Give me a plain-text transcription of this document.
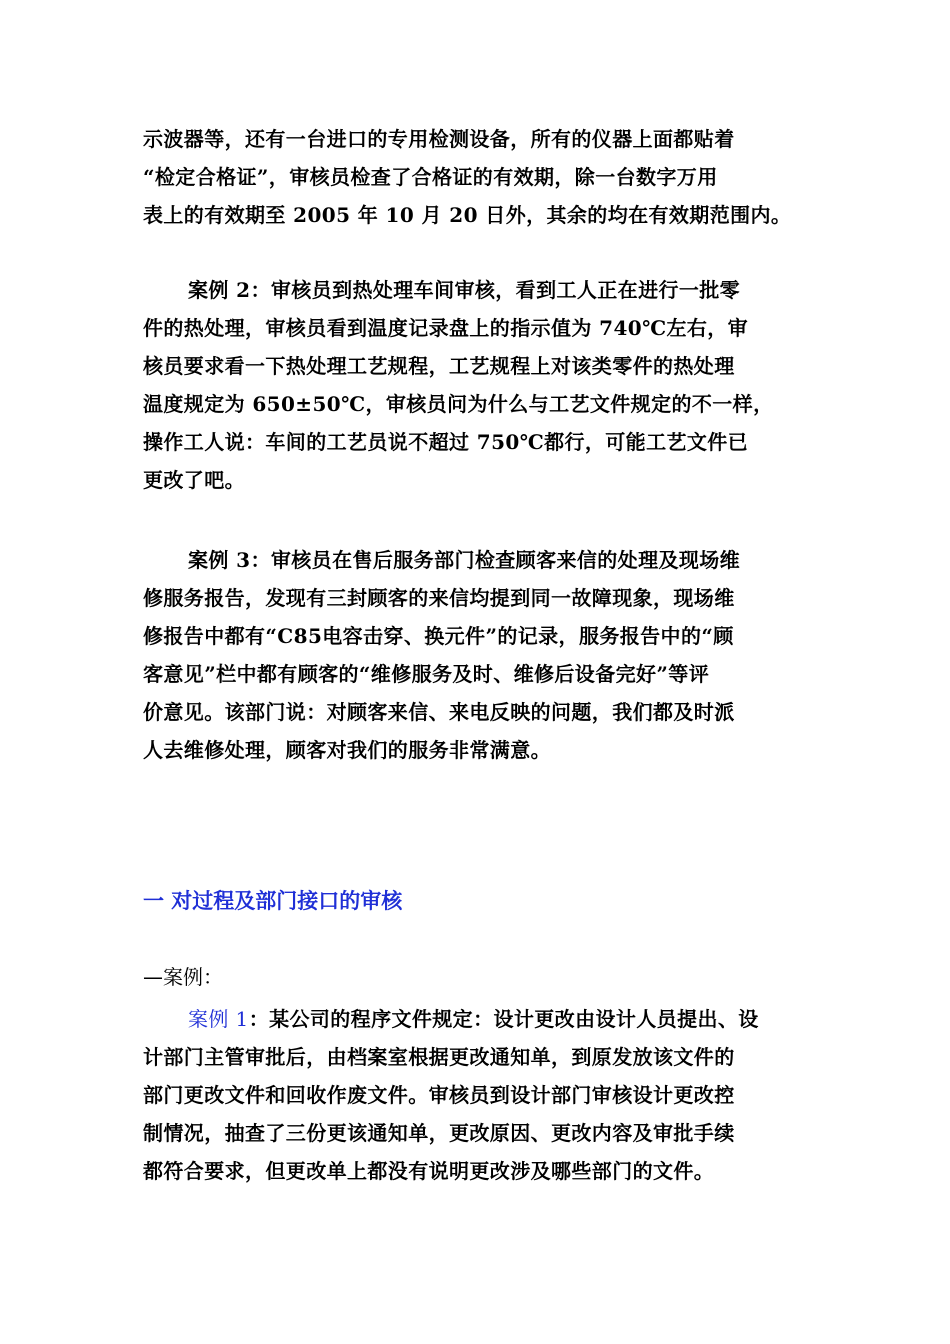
示波器等，还有一台进口的专用检测设备，所有的仪器上面都贴着
“检定合格证”，审核员检查了合格证的有效期，除一台数字万用
表上的有效期至 2005 年 10 月 20 日外，其余的均在有效期范围内。
案例 2：审核员到热处理车间审核，看到工人正在进行一批零
件的热处理，审核员看到温度记录盘上的指示值为 740℃左右，审
核员要求看一下热处理工艺规程，工艺规程上对该类零件的热处理
温度规定为 650±50℃，审核员问为什么与工艺文件规定的不一样，
操作工人说：车间的工艺员说不超过 750℃都行，可能工艺文件已
更改了吧。
案例 3：审核员在售后服务部门检查顾客来信的处理及现场维
修服务报告，发现有三封顾客的来信均提到同一故障现象，现场维
修报告中都有“C85电容击穿、换元件”的记录，服务报告中的“顾
客意见”栏中都有顾客的“维修服务及时、维修后设备完好”等评
价意见。该部门说：对顾客来信、来电反映的问题，我们都及时派
人去维修处理，顾客对我们的服务非常满意。
一 对过程及部门接口的审核
—案例：
案例 1：某公司的程序文件规定：设计更改由设计人员提出、设
计部门主管审批后，由档案室根据更改通知单，到原发放该文件的
部门更改文件和回收作废文件。审核员到设计部门审核设计更改控
制情况，抽查了三份更该通知单，更改原因、更改内容及审批手续
都符合要求，但更改单上都没有说明更改涉及哪些部门的文件。
